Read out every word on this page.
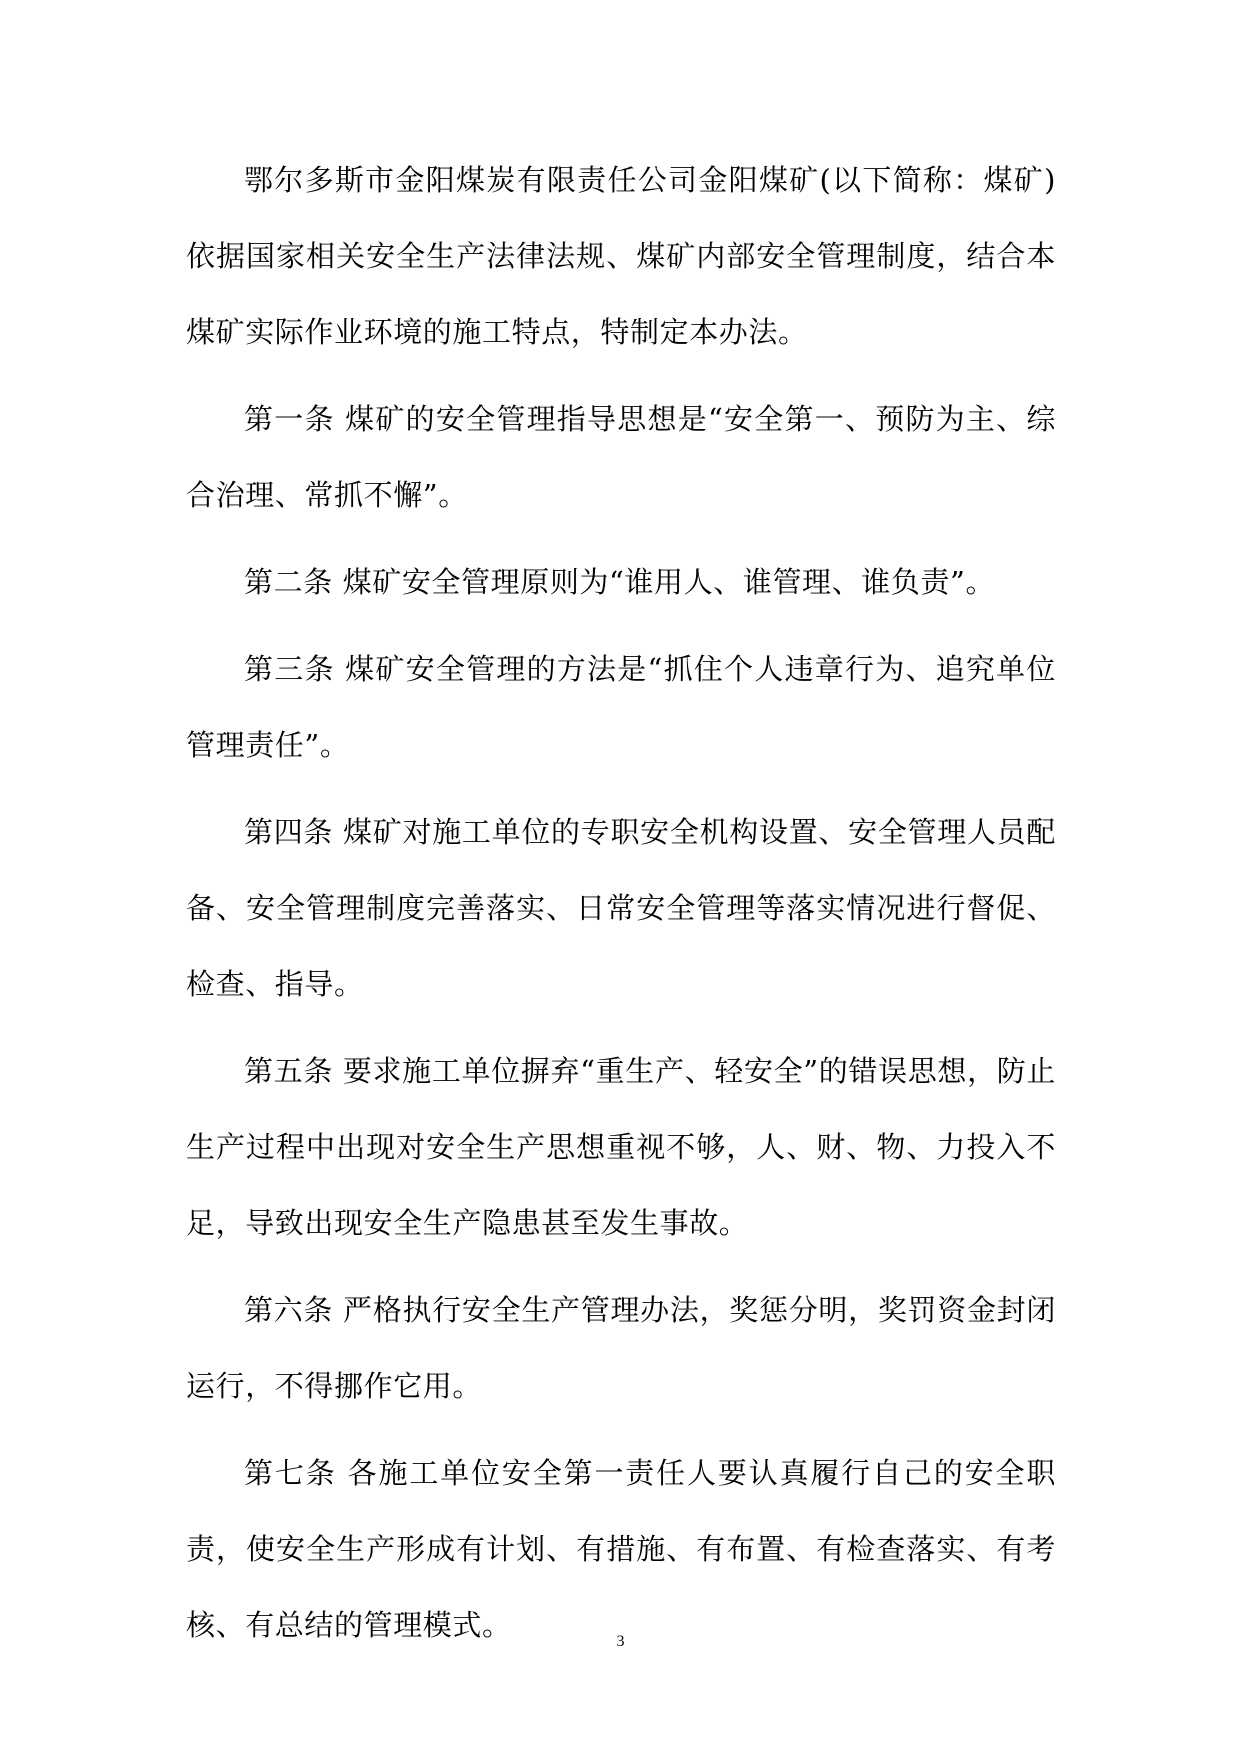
鄂尔多斯市金阳煤炭有限责任公司金阳煤矿(以下简称：煤矿)依据国家相关安全生产法律法规、煤矿内部安全管理制度，结合本煤矿实际作业环境的施工特点，特制定本办法。

第一条 煤矿的安全管理指导思想是“安全第一、预防为主、综合治理、常抓不懈”。

第二条 煤矿安全管理原则为“谁用人、谁管理、谁负责”。

第三条 煤矿安全管理的方法是“抓住个人违章行为、追究单位管理责任”。

第四条 煤矿对施工单位的专职安全机构设置、安全管理人员配备、安全管理制度完善落实、日常安全管理等落实情况进行督促、检查、指导。

第五条 要求施工单位摒弃“重生产、轻安全”的错误思想，防止生产过程中出现对安全生产思想重视不够，人、财、物、力投入不足，导致出现安全生产隐患甚至发生事故。

第六条 严格执行安全生产管理办法，奖惩分明，奖罚资金封闭运行，不得挪作它用。

第七条 各施工单位安全第一责任人要认真履行自己的安全职责，使安全生产形成有计划、有措施、有布置、有检查落实、有考核、有总结的管理模式。	3
